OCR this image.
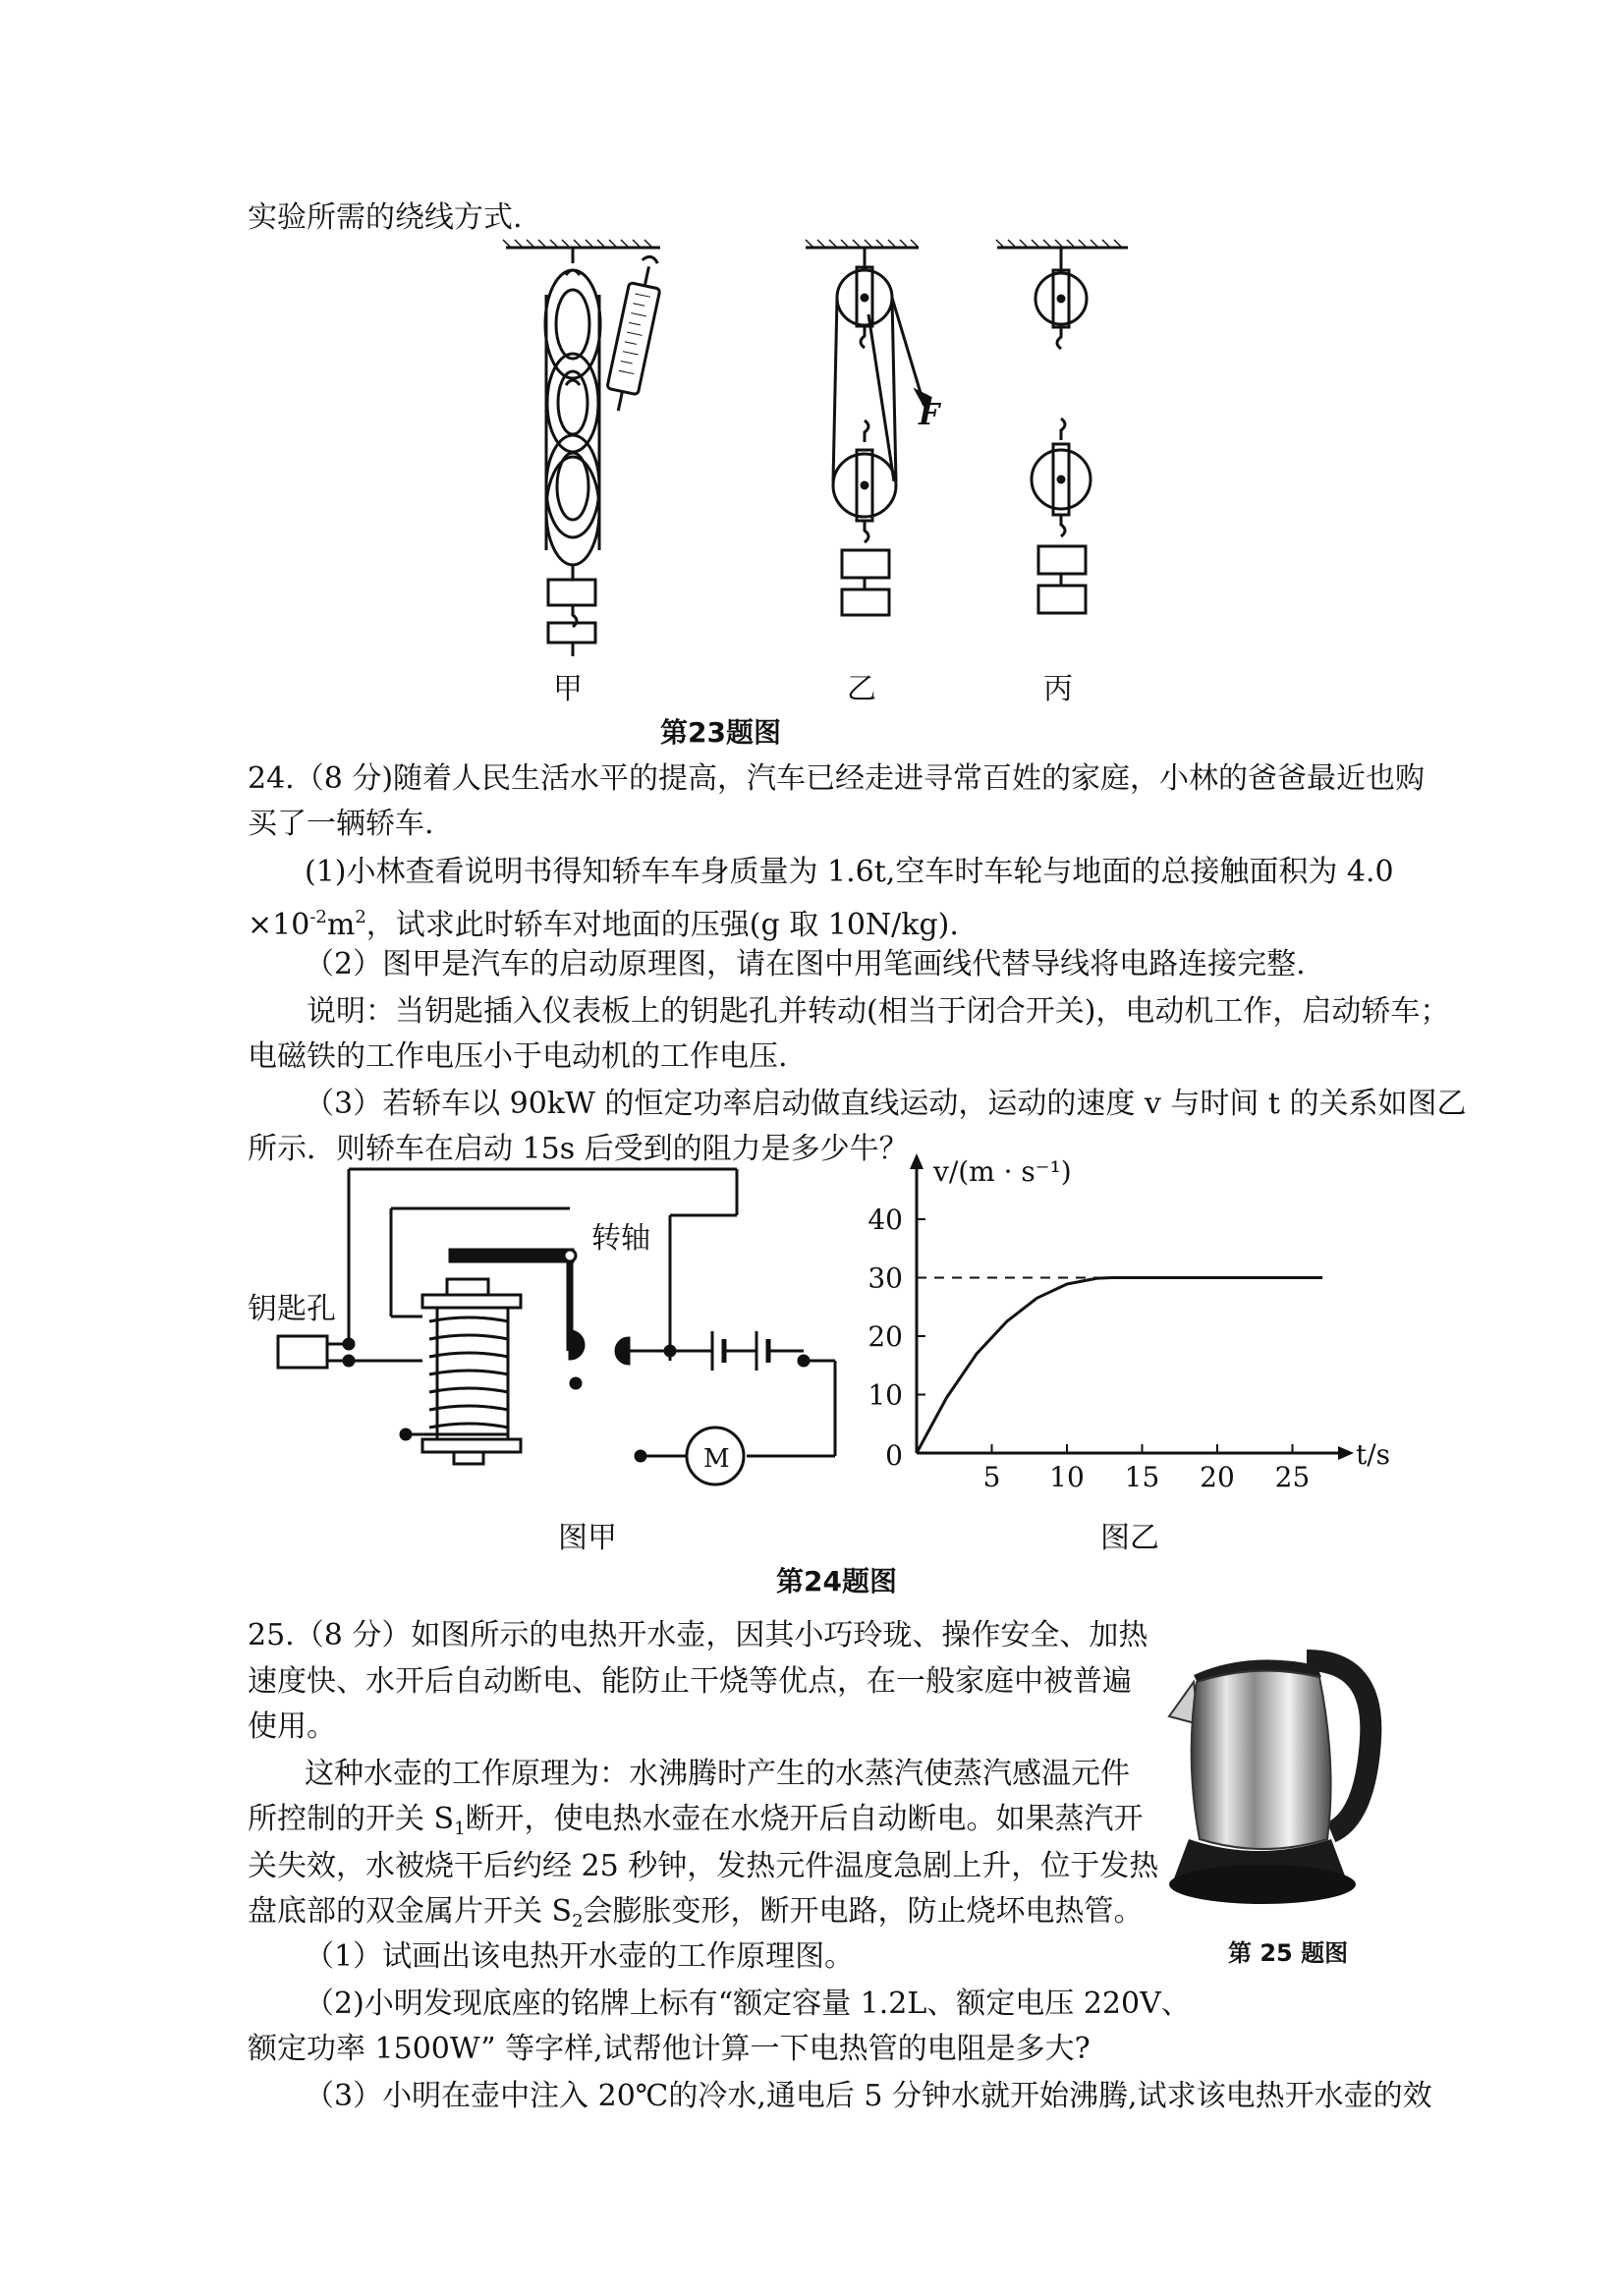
实验所需的绕线方式.
F
甲	乙	丙
第23题图
24.（8 分)随着人民生活水平的提高，汽车已经走进寻常百姓的家庭，小林的爸爸最近也购
买了一辆轿车.
(1)小林查看说明书得知轿车车身质量为 1.6t,空车时车轮与地面的总接触面积为 4.0
$\times 10^{-2}m^2$，试求此时轿车对地面的压强(g 取 10N/kg).
（2）图甲是汽车的启动原理图，请在图中用笔画线代替导线将电路连接完整.
说明：当钥匙插入仪表板上的钥匙孔并转动(相当于闭合开关)，电动机工作，启动轿车；
电磁铁的工作电压小于电动机的工作电压.
（3）若轿车以 90kW 的恒定功率启动做直线运动，运动的速度 v 与时间 t 的关系如图乙
所示．则轿车在启动 15s 后受到的阻力是多少牛？
钥匙孔
转轴
M
v/(m · s⁻¹)
t/s
10
20
30
40
0
5 10 15 20 25
图甲	图乙
第24题图
25.（8 分）如图所示的电热开水壶，因其小巧玲珑、操作安全、加热
速度快、水开后自动断电、能防止干烧等优点，在一般家庭中被普遍
使用。
这种水壶的工作原理为：水沸腾时产生的水蒸汽使蒸汽感温元件
所控制的开关 $S_1$断开，使电热水壶在水烧开后自动断电。如果蒸汽开
关失效，水被烧干后约经 25 秒钟，发热元件温度急剧上升，位于发热
盘底部的双金属片开关 $S_2$会膨胀变形，断开电路，防止烧坏电热管。
（1）试画出该电热开水壶的工作原理图。
（2)小明发现底座的铭牌上标有“额定容量 1.2L、额定电压 220V、
额定功率 1500W” 等字样,试帮他计算一下电热管的电阻是多大?
（3）小明在壶中注入 20℃的冷水,通电后 5 分钟水就开始沸腾,试求该电热开水壶的效
第 25 题图
